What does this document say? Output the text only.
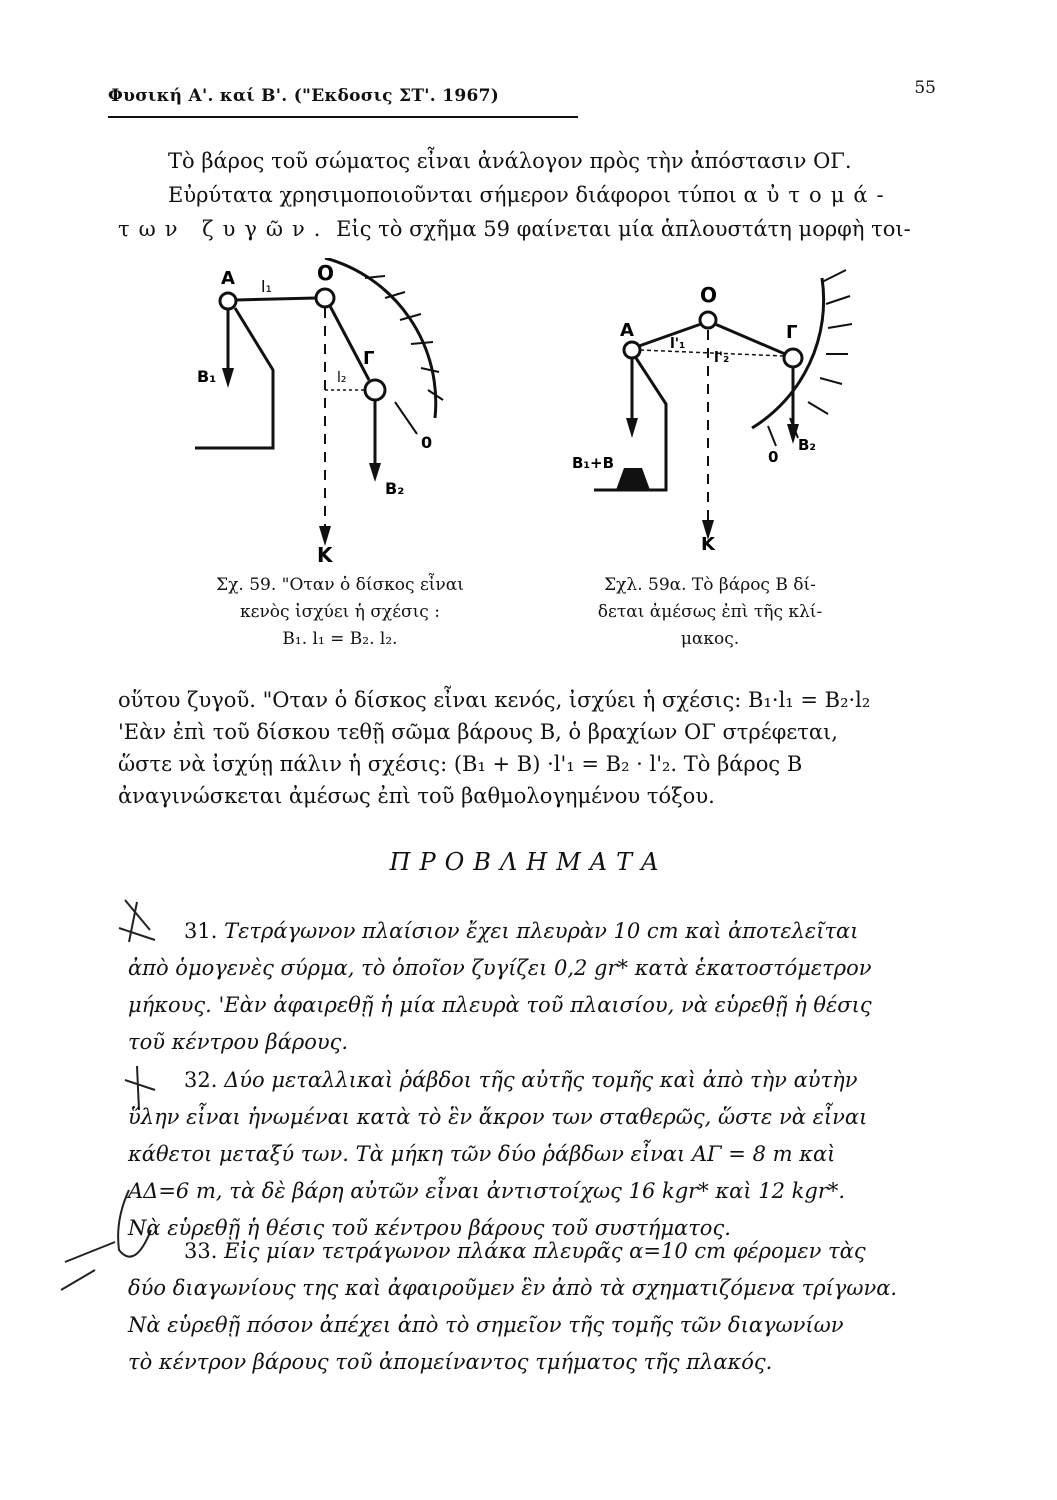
Φυσική Α'. καί Β'. ("Εκδοσις ΣΤ'. 1967)	55
Τὸ βάρος τοῦ σώματος εἶναι ἀνάλογον πρὸς τὴν ἀπόστασιν ΟΓ.
Εὐρύτατα χρησιμοποιοῦνται σήμερον διάφοροι τύποι αὐτομά-
των ζυγῶν. Εἰς τὸ σχῆμα 59 φαίνεται μία ἁπλουστάτη μορφὴ τοι-
Α	Ο
Γ
Β₁
Β₂
Κ
l₁
l₂
0
Σχ. 59. "Οταν ὁ δίσκος εἶναι
κενὸς ἰσχύει ἡ σχέσις :
Β₁. l₁ = Β₂. l₂.
Ο
Α	Γ
l'₁
l'₂
Β₁+Β
Β₂
0
Κ
Σχλ. 59α. Τὸ βάρος Β δί-
δεται ἀμέσως ἐπὶ τῆς κλί-
μακος.
οὕτου ζυγοῦ. "Οταν ὁ δίσκος εἶναι κενός, ἰσχύει ἡ σχέσις: Β₁·l₁ = Β₂·l₂
'Εὰν ἐπὶ τοῦ δίσκου τεθῇ σῶμα βάρους Β, ὁ βραχίων ΟΓ στρέφεται,
ὥστε νὰ ἰσχύῃ πάλιν ἡ σχέσις: (Β₁ + Β) ·l'₁ = Β₂ · l'₂. Τὸ βάρος Β
ἀναγινώσκεται ἀμέσως ἐπὶ τοῦ βαθμολογημένου τόξου.
ΠΡΟΒΛΗΜΑΤΑ
31. Τετράγωνον πλαίσιον ἔχει πλευρὰν 10 cm καὶ ἀποτελεῖται
ἀπὸ ὁμογενὲς σύρμα, τὸ ὁποῖον ζυγίζει 0,2 gr* κατὰ ἑκατοστόμετρον
μήκους. 'Εὰν ἀφαιρεθῇ ἡ μία πλευρὰ τοῦ πλαισίου, νὰ εὑρεθῇ ἡ θέσις
τοῦ κέντρου βάρους.
32. Δύο μεταλλικαὶ ῥάβδοι τῆς αὐτῆς τομῆς καὶ ἀπὸ τὴν αὐτὴν
ὕλην εἶναι ἡνωμέναι κατὰ τὸ ἓν ἄκρον των σταθερῶς, ὥστε νὰ εἶναι
κάθετοι μεταξύ των. Τὰ μήκη τῶν δύο ῥάβδων εἶναι ΑΓ = 8 m καὶ
ΑΔ=6 m, τὰ δὲ βάρη αὐτῶν εἶναι ἀντιστοίχως 16 kgr* καὶ 12 kgr*.
Νὰ εὑρεθῇ ἡ θέσις τοῦ κέντρου βάρους τοῦ συστήματος.
33. Εἰς μίαν τετράγωνον πλάκα πλευρᾶς α=10 cm φέρομεν τὰς
δύο διαγωνίους της καὶ ἀφαιροῦμεν ἓν ἀπὸ τὰ σχηματιζόμενα τρίγωνα.
Νὰ εὑρεθῇ πόσον ἀπέχει ἀπὸ τὸ σημεῖον τῆς τομῆς τῶν διαγωνίων
τὸ κέντρον βάρους τοῦ ἀπομείναντος τμήματος τῆς πλακός.
